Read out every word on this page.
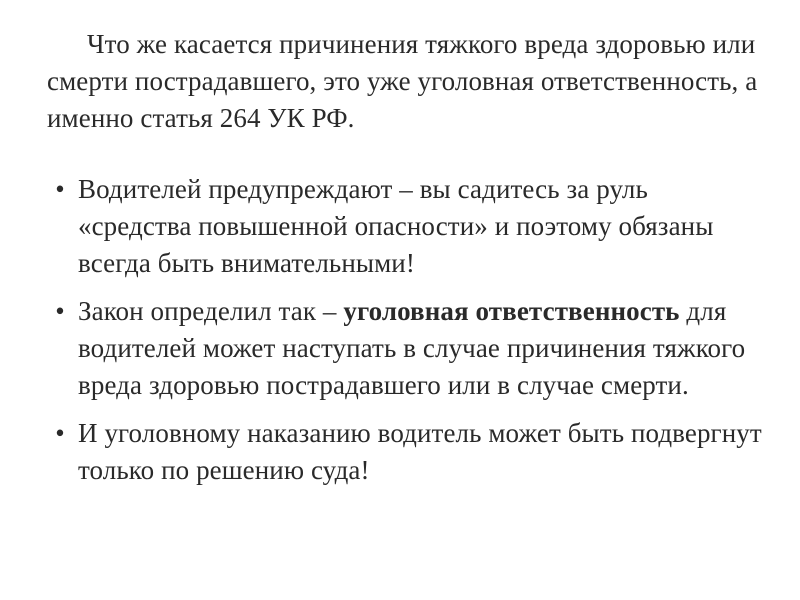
Что же касается причинения тяжкого вреда здоровью или смерти пострадавшего, это уже уголовная ответственность, а именно статья 264 УК РФ.

• Водителей предупреждают – вы садитесь за руль «средства повышенной опасности» и поэтому обязаны всегда быть внимательными!
• Закон определил так – уголовная ответственность для водителей может наступать в случае причинения тяжкого вреда здоровью пострадавшего или в случае смерти.
• И уголовному наказанию водитель может быть подвергнут только по решению суда!
